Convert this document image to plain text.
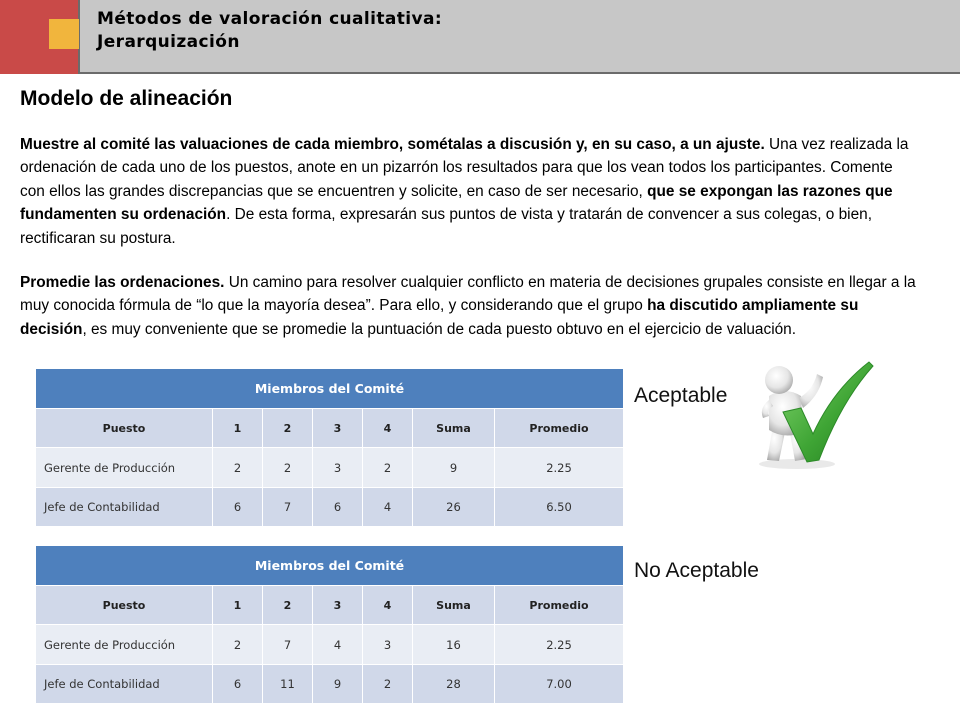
Métodos de valoración cualitativa:
Jerarquización
Modelo de alineación

Muestre al comité las valuaciones de cada miembro, sométalas a discusión y, en su caso, a un ajuste. Una vez realizada la ordenación de cada uno de los puestos, anote en un pizarrón los resultados para que los vean todos los participantes. Comente con ellos las grandes discrepancias que se encuentren y solicite, en caso de ser necesario, que se expongan las razones que fundamenten su ordenación. De esta forma, expresarán sus puntos de vista y tratarán de convencer a sus colegas, o bien, rectificaran su postura.

Promedie las ordenaciones. Un camino para resolver cualquier conflicto en materia de decisiones grupales consiste en llegar a la muy conocida fórmula de “lo que la mayoría desea”. Para ello, y considerando que el grupo ha discutido ampliamente su decisión, es muy conveniente que se promedie la puntuación de cada puesto obtuvo en el ejercicio de valuación.

Miembros del Comité						
Puesto	1	2	3	4	Suma	Promedio
Gerente de Producción	2	2	3	2	9	2.25
Jefe de Contabilidad	6	7	6	4	26	6.50
Miembros del Comité						
Puesto	1	2	3	4	Suma	Promedio
Gerente de Producción	2	7	4	3	16	2.25
Jefe de Contabilidad	6	11	9	2	28	7.00
Aceptable
No Aceptable
